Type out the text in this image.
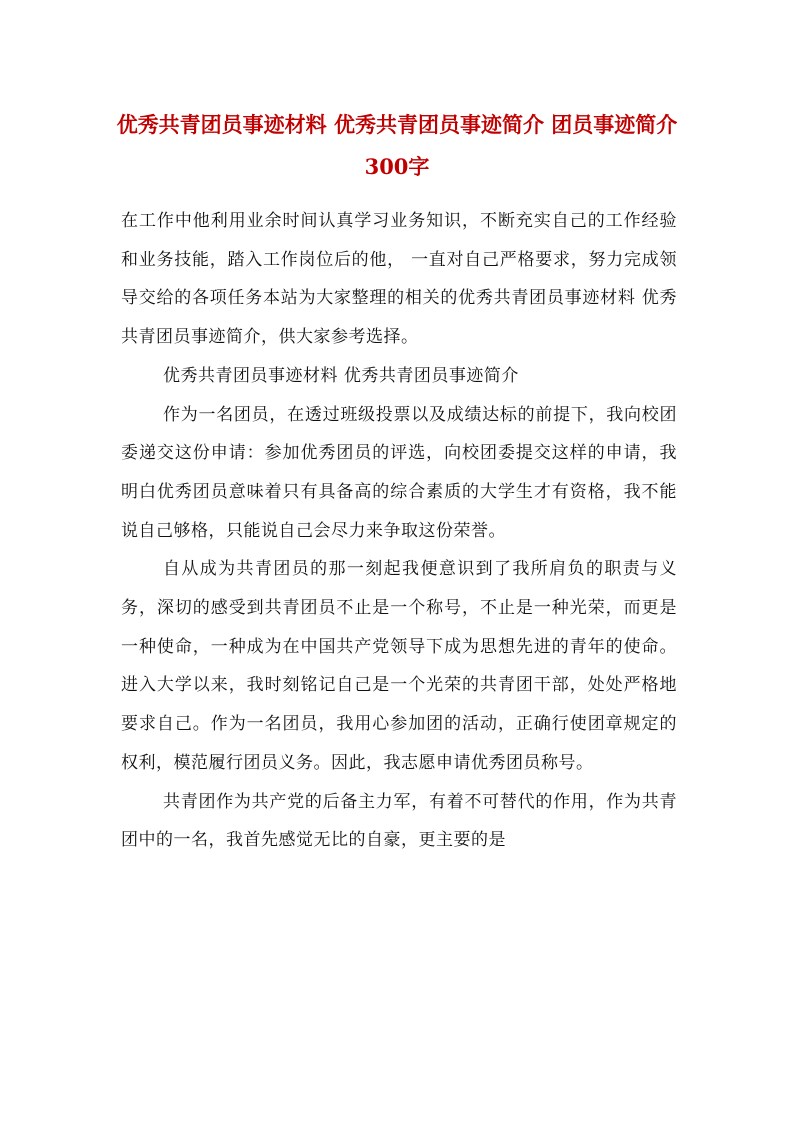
优秀共青团员事迹材料 优秀共青团员事迹简介 团员事迹简介300字

在工作中他利用业余时间认真学习业务知识，不断充实自己的工作经验和业务技能，踏入工作岗位后的他， 一直对自己严格要求，努力完成领导交给的各项任务本站为大家整理的相关的优秀共青团员事迹材料 优秀共青团员事迹简介，供大家参考选择。

优秀共青团员事迹材料 优秀共青团员事迹简介

作为一名团员，在透过班级投票以及成绩达标的前提下，我向校团委递交这份申请：参加优秀团员的评选，向校团委提交这样的申请，我明白优秀团员意味着只有具备高的综合素质的大学生才有资格，我不能说自己够格，只能说自己会尽力来争取这份荣誉。

自从成为共青团员的那一刻起我便意识到了我所肩负的职责与义务，深切的感受到共青团员不止是一个称号，不止是一种光荣，而更是一种使命，一种成为在中国共产党领导下成为思想先进的青年的使命。进入大学以来，我时刻铭记自己是一个光荣的共青团干部，处处严格地要求自己。作为一名团员，我用心参加团的活动，正确行使团章规定的权利，模范履行团员义务。因此，我志愿申请优秀团员称号。

共青团作为共产党的后备主力军，有着不可替代的作用，作为共青团中的一名，我首先感觉无比的自豪，更主要的是
